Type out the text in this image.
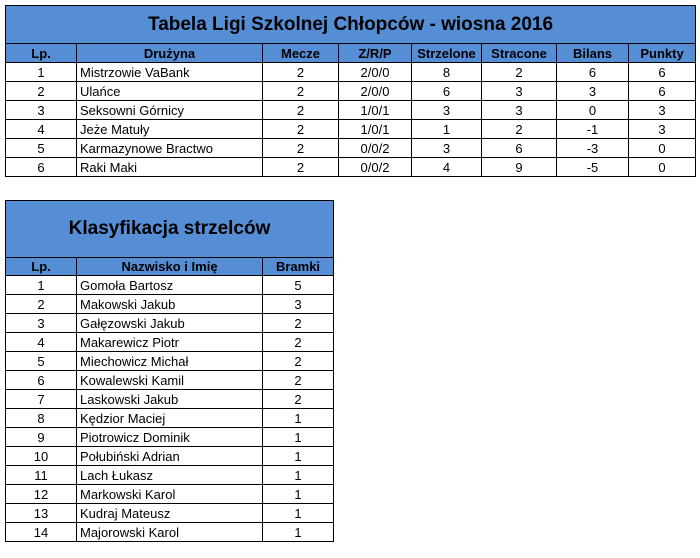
Tabela Ligi Szkolnej Chłopców - wiosna 2016							
Lp.	Drużyna	Mecze	Z/R/P	Strzelone	Stracone	Bilans	Punkty
1	Mistrzowie VaBank	2	2/0/0	8	2	6	6
2	Ulańce	2	2/0/0	6	3	3	6
3	Seksowni Górnicy	2	1/0/1	3	3	0	3
4	Jeże Matuły	2	1/0/1	1	2	-1	3
5	Karmazynowe Bractwo	2	0/0/2	3	6	-3	0
6	Raki Maki	2	0/0/2	4	9	-5	0
Klasyfikacja strzelców		
Lp.	Nazwisko i Imię	Bramki
1	Gomoła Bartosz	5
2	Makowski Jakub	3
3	Gałęzowski Jakub	2
4	Makarewicz Piotr	2
5	Miechowicz Michał	2
6	Kowalewski Kamil	2
7	Laskowski Jakub	2
8	Kędzior Maciej	1
9	Piotrowicz Dominik	1
10	Połubiński Adrian	1
11	Lach Łukasz	1
12	Markowski Karol	1
13	Kudraj Mateusz	1
14	Majorowski Karol	1
